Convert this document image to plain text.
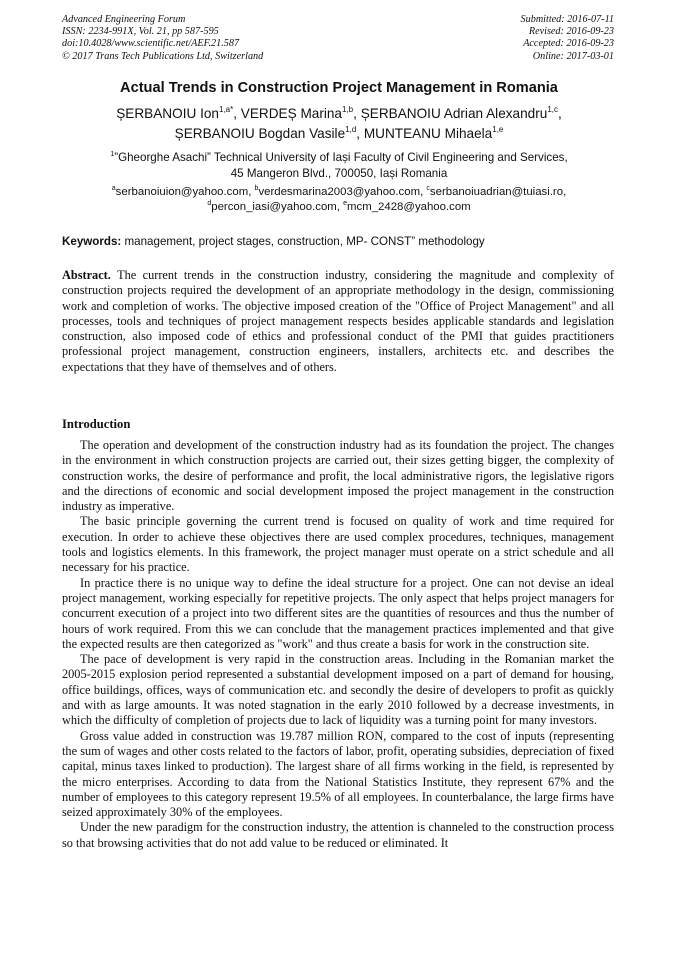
Advanced Engineering Forum
ISSN: 2234-991X, Vol. 21, pp 587-595
doi:10.4028/www.scientific.net/AEF.21.587
© 2017 Trans Tech Publications Ltd, Switzerland
Submitted: 2016-07-11
Revised: 2016-09-23
Accepted: 2016-09-23
Online: 2017-03-01
Actual Trends in Construction Project Management in Romania
ȘERBANOIU Ion$^{1,a*}$, VERDEȘ Marina$^{1,b}$, ȘERBANOIU Adrian Alexandru$^{1,c}$,
ȘERBANOIU Bogdan Vasile$^{1,d}$, MUNTEANU Mihaela$^{1,e}$
$^1$”Gheorghe Asachi” Technical University of Iași Faculty of Civil Engineering and Services,
45 Mangeron Blvd., 700050, Iași Romania
$^a$serbanoiuion@yahoo.com, $^b$verdesmarina2003@yahoo.com, $^c$serbanoiuadrian@tuiasi.ro,
$^d$percon_iasi@yahoo.com, $^e$mcm_2428@yahoo.com
Keywords: management, project stages, construction, MP- CONST” methodology

Abstract. The current trends in the construction industry, considering the magnitude and complexity of construction projects required the development of an appropriate methodology in the design, commissioning work and completion of works. The objective imposed creation of the "Office of Project Management" and all processes, tools and techniques of project management respects besides applicable standards and legislation construction, also imposed code of ethics and professional conduct of the PMI that guides practitioners professional project management, construction engineers, installers, architects etc. and describes the expectations that they have of themselves and of others.

Introduction

The operation and development of the construction industry had as its foundation the project. The changes in the environment in which construction projects are carried out, their sizes getting bigger, the complexity of construction works, the desire of performance and profit, the local administrative rigors, the legislative rigors and the directions of economic and social development imposed the project management in the construction industry as imperative.

The basic principle governing the current trend is focused on quality of work and time required for execution. In order to achieve these objectives there are used complex procedures, techniques, management tools and logistics elements. In this framework, the project manager must operate on a strict schedule and all necessary for his practice.

In practice there is no unique way to define the ideal structure for a project. One can not devise an ideal project management, working especially for repetitive projects. The only aspect that helps project managers for concurrent execution of a project into two different sites are the quantities of resources and thus the number of hours of work required. From this we can conclude that the management practices implemented and that give the expected results are then categorized as "work" and thus create a basis for work in the construction site.

The pace of development is very rapid in the construction areas. Including in the Romanian market the 2005-2015 explosion period represented a substantial development imposed on a part of demand for housing, office buildings, offices, ways of communication etc. and secondly the desire of developers to profit as quickly and with as large amounts. It was noted stagnation in the early 2010 followed by a decrease investments, in which the difficulty of completion of projects due to lack of liquidity was a turning point for many investors.

Gross value added in construction was 19.787 million RON, compared to the cost of inputs (representing the sum of wages and other costs related to the factors of labor, profit, operating subsidies, depreciation of fixed capital, minus taxes linked to production). The largest share of all firms working in the field, is represented by the micro enterprises. According to data from the National Statistics Institute, they represent 67% and the number of employees to this category represent 19.5% of all employees. In counterbalance, the large firms have seized approximately 30% of the employees.

Under the new paradigm for the construction industry, the attention is channeled to the construction process so that browsing activities that do not add value to be reduced or eliminated. It
